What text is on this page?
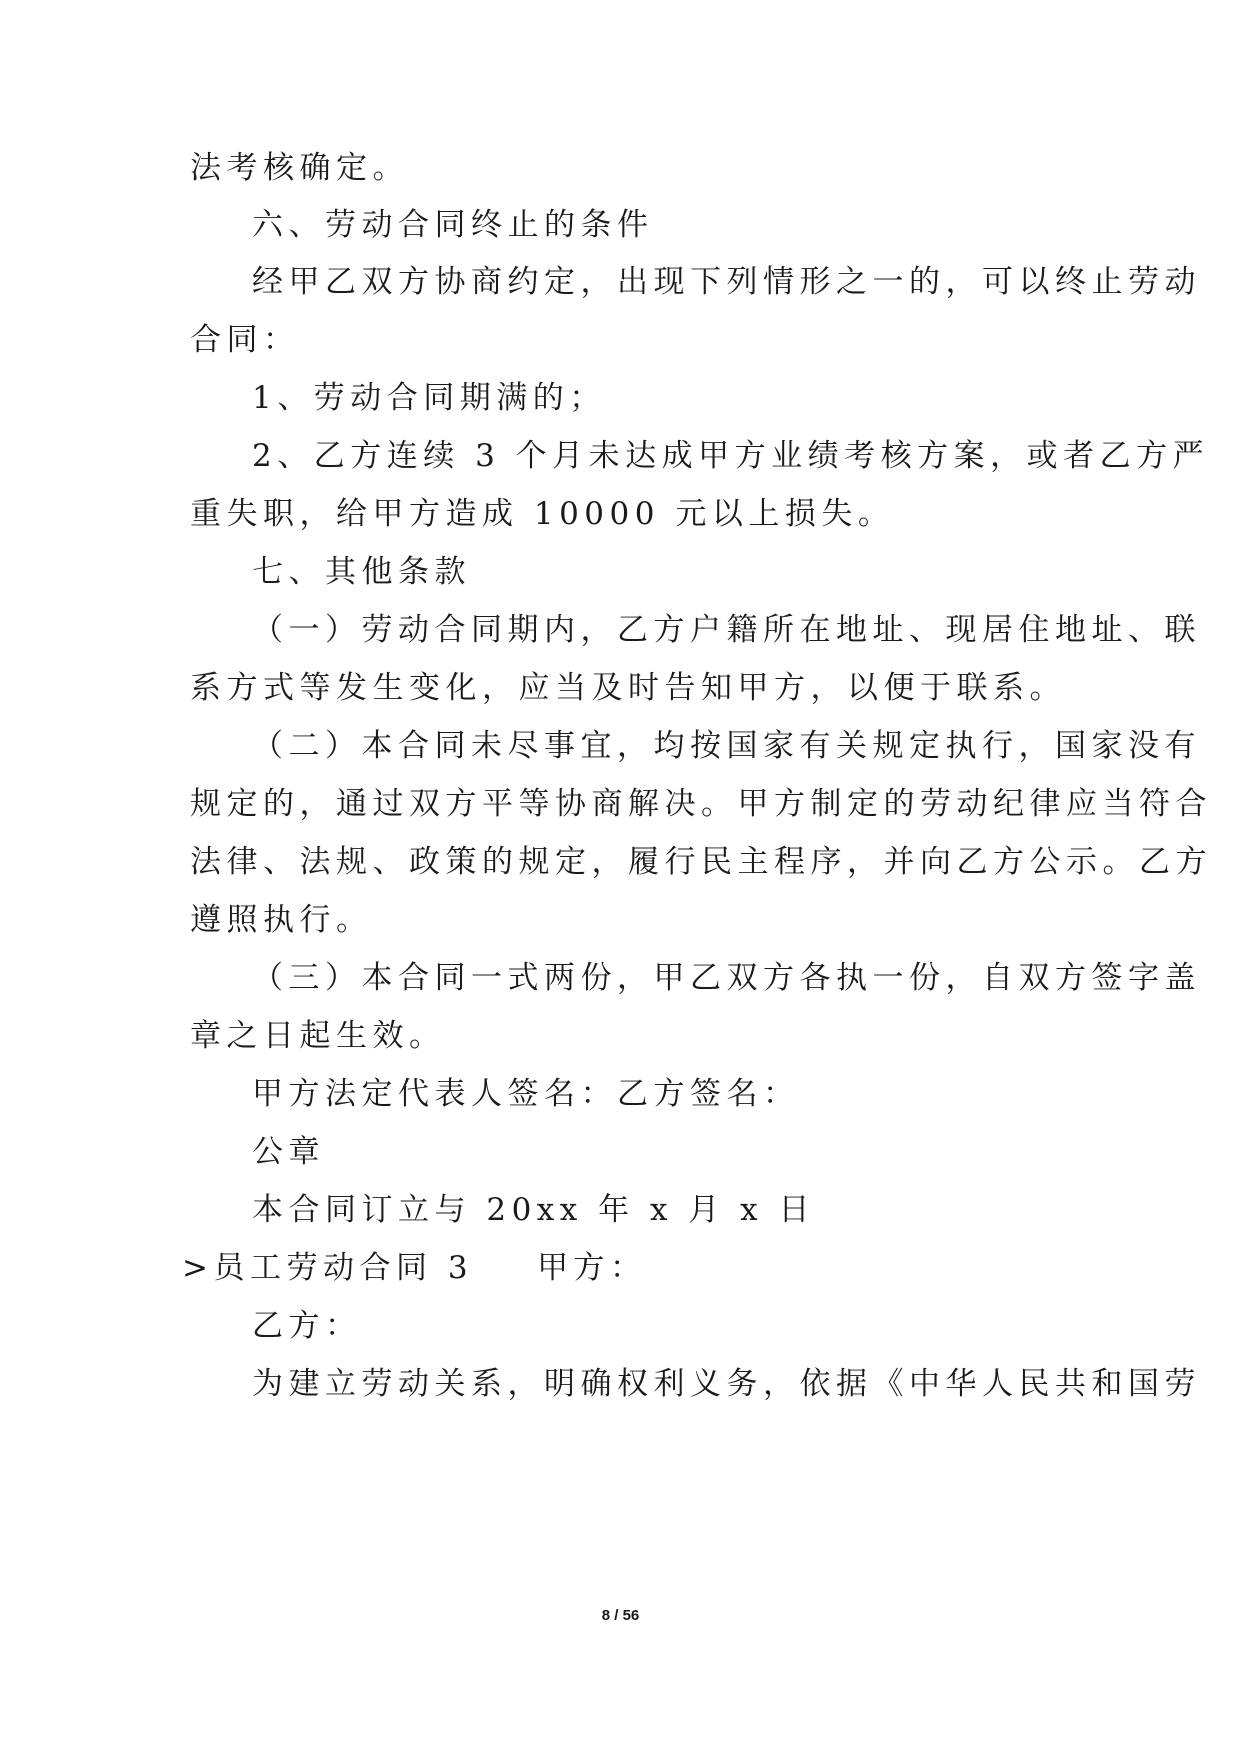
法考核确定。

六、劳动合同终止的条件

经甲乙双方协商约定，出现下列情形之一的，可以终止劳动

合同：

1、劳动合同期满的；

2、乙方连续 3 个月未达成甲方业绩考核方案，或者乙方严

重失职，给甲方造成 10000 元以上损失。

七、其他条款

（一）劳动合同期内，乙方户籍所在地址、现居住地址、联

系方式等发生变化，应当及时告知甲方，以便于联系。

（二）本合同未尽事宜，均按国家有关规定执行，国家没有

规定的，通过双方平等协商解决。甲方制定的劳动纪律应当符合

法律、法规、政策的规定，履行民主程序，并向乙方公示。乙方

遵照执行。

（三）本合同一式两份，甲乙双方各执一份，自双方签字盖

章之日起生效。

甲方法定代表人签名：乙方签名：

公章

本合同订立与 20xx 年 x 月 x 日

>员工劳动合同 3 甲方：

乙方：

为建立劳动关系，明确权利义务，依据《中华人民共和国劳

8 / 56
